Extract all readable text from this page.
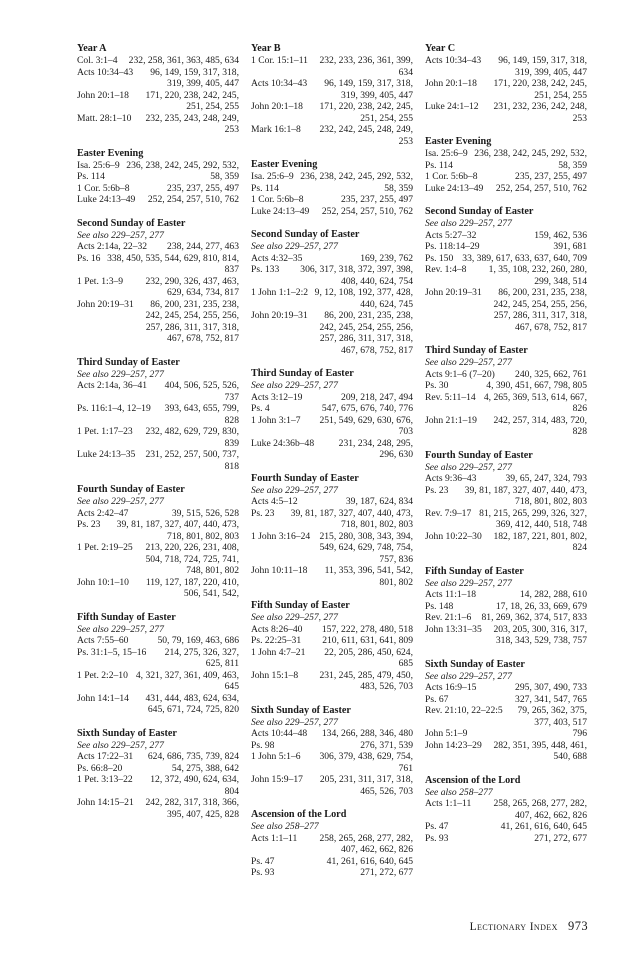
Year A
Col. 3:1–4	232, 258, 361, 363, 485, 634
Acts 10:34–43	96, 149, 159, 317, 318, 319, 399, 405, 447
John 20:1–18	171, 220, 238, 242, 245, 251, 254, 255
Matt. 28:1–10	232, 235, 243, 248, 249, 253
Easter Evening
Isa. 25:6–9 236, 238, 242, 245, 292, 532,
Ps. 114	58, 359
1 Cor. 5:6b–8	235, 237, 255, 497
Luke 24:13–49	252, 254, 257, 510, 762
Second Sunday of Easter
See also 229–257, 277
Acts 2:14a, 22–32	238, 244, 277, 463
Ps. 16 338, 450, 535, 544, 629, 810, 814, 837
1 Pet. 1:3–9	232, 290, 326, 437, 463, 629, 634, 734, 817
John 20:19–31	86, 200, 231, 235, 238, 242, 245, 254, 255, 256, 257, 286, 311, 317, 318, 467, 678, 752, 817
Third Sunday of Easter
See also 229–257, 277
Acts 2:14a, 36–41	404, 506, 525, 526, 737
Ps. 116:1–4, 12–19	393, 643, 655, 799, 828
1 Pet. 1:17–23	232, 482, 629, 729, 830, 839
Luke 24:13–35	231, 252, 257, 500, 737, 818
Fourth Sunday of Easter
See also 229–257, 277
Acts 2:42–47	39, 515, 526, 528
Ps. 23	39, 81, 187, 327, 407, 440, 473, 718, 801, 802, 803
1 Pet. 2:19–25	213, 220, 226, 231, 408, 504, 718, 724, 725, 741, 748, 801, 802
John 10:1–10	119, 127, 187, 220, 410, 506, 541, 542,
Fifth Sunday of Easter
See also 229–257, 277
Acts 7:55–60	50, 79, 169, 463, 686
Ps. 31:1–5, 15–16	214, 275, 326, 327, 625, 811
1 Pet. 2:2–10 4, 321, 327, 361, 409, 463, 645
John 14:1–14	431, 444, 483, 624, 634, 645, 671, 724, 725, 820
Sixth Sunday of Easter
See also 229–257, 277
Acts 17:22–31	624, 686, 735, 739, 824
Ps. 66:8–20	54, 275, 388, 642
1 Pet. 3:13–22	12, 372, 490, 624, 634, 804
John 14:15–21	242, 282, 317, 318, 366, 395, 407, 425, 828
Year B
1 Cor. 15:1–11	232, 233, 236, 361, 399, 634
Acts 10:34–43	96, 149, 159, 317, 318, 319, 399, 405, 447
John 20:1–18	171, 220, 238, 242, 245, 251, 254, 255
Mark 16:1–8	232, 242, 245, 248, 249, 253
Easter Evening
Isa. 25:6–9 236, 238, 242, 245, 292, 532,
Ps. 114	58, 359
1 Cor. 5:6b–8	235, 237, 255, 497
Luke 24:13–49	252, 254, 257, 510, 762
Second Sunday of Easter
See also 229–257, 277
Acts 4:32–35	169, 239, 762
Ps. 133	306, 317, 318, 372, 397, 398, 408, 440, 624, 754
1 John 1:1–2:2 9, 12, 108, 192, 377, 428, 440, 624, 745
John 20:19–31	86, 200, 231, 235, 238, 242, 245, 254, 255, 256, 257, 286, 311, 317, 318, 467, 678, 752, 817
Third Sunday of Easter
See also 229–257, 277
Acts 3:12–19	209, 218, 247, 494
Ps. 4	547, 675, 676, 740, 776
1 John 3:1–7	251, 549, 629, 630, 676, 703
Luke 24:36b–48	231, 234, 248, 295, 296, 630
Fourth Sunday of Easter
See also 229–257, 277
Acts 4:5–12	39, 187, 624, 834
Ps. 23	39, 81, 187, 327, 407, 440, 473, 718, 801, 802, 803
1 John 3:16–24 215, 280, 308, 343, 394, 549, 624, 629, 748, 754, 757, 836
John 10:11–18	11, 353, 396, 541, 542, 801, 802
Fifth Sunday of Easter
See also 229–257, 277
Acts 8:26–40	157, 222, 278, 480, 518
Ps. 22:25–31	210, 611, 631, 641, 809
1 John 4:7–21	22, 205, 286, 450, 624, 685
John 15:1–8	231, 245, 285, 479, 450, 483, 526, 703
Sixth Sunday of Easter
See also 229–257, 277
Acts 10:44–48	134, 266, 288, 346, 480
Ps. 98	276, 371, 539
1 John 5:1–6	306, 379, 438, 629, 754, 761
John 15:9–17	205, 231, 311, 317, 318, 465, 526, 703
Ascension of the Lord
See also 258–277
Acts 1:1–11	258, 265, 268, 277, 282, 407, 462, 662, 826
Ps. 47	41, 261, 616, 640, 645
Ps. 93	271, 272, 677
Year C
Acts 10:34–43	96, 149, 159, 317, 318, 319, 399, 405, 447
John 20:1–18	171, 220, 238, 242, 245, 251, 254, 255
Luke 24:1–12	231, 232, 236, 242, 248, 253
Easter Evening
Isa. 25:6–9 236, 238, 242, 245, 292, 532,
Ps. 114	58, 359
1 Cor. 5:6b–8	235, 237, 255, 497
Luke 24:13–49	252, 254, 257, 510, 762
Second Sunday of Easter
See also 229–257, 277
Acts 5:27–32	159, 462, 536
Ps. 118:14–29	391, 681
Ps. 150 33, 389, 617, 633, 637, 640, 709
Rev. 1:4–8	1, 35, 108, 232, 260, 280, 299, 348, 514
John 20:19–31	86, 200, 231, 235, 238, 242, 245, 254, 255, 256, 257, 286, 311, 317, 318, 467, 678, 752, 817
Third Sunday of Easter
See also 229–257, 277
Acts 9:1–6 (7–20)	240, 325, 662, 761
Ps. 30	4, 390, 451, 667, 798, 805
Rev. 5:11–14 4, 265, 369, 513, 614, 667, 826
John 21:1–19	242, 257, 314, 483, 720, 828
Fourth Sunday of Easter
See also 229–257, 277
Acts 9:36–43	39, 65, 247, 324, 793
Ps. 23	39, 81, 187, 327, 407, 440, 473, 718, 801, 802, 803
Rev. 7:9–17 81, 215, 265, 299, 326, 327, 369, 412, 440, 518, 748
John 10:22–30	182, 187, 221, 801, 802, 824
Fifth Sunday of Easter
See also 229–257, 277
Acts 11:1–18	14, 282, 288, 610
Ps. 148	17, 18, 26, 33, 669, 679
Rev. 21:1–6	81, 269, 362, 374, 517, 833
John 13:31–35	203, 205, 300, 316, 317, 318, 343, 529, 738, 757
Sixth Sunday of Easter
See also 229–257, 277
Acts 16:9–15	295, 307, 490, 733
Ps. 67	327, 341, 547, 765
Rev. 21:10, 22–22:5	79, 265, 362, 375, 377, 403, 517
John 5:1–9	796
John 14:23–29	282, 351, 395, 448, 461, 540, 688
Ascension of the Lord
See also 258–277
Acts 1:1–11	258, 265, 268, 277, 282, 407, 462, 662, 826
Ps. 47	41, 261, 616, 640, 645
Ps. 93	271, 272, 677
Lectionary Index 973
